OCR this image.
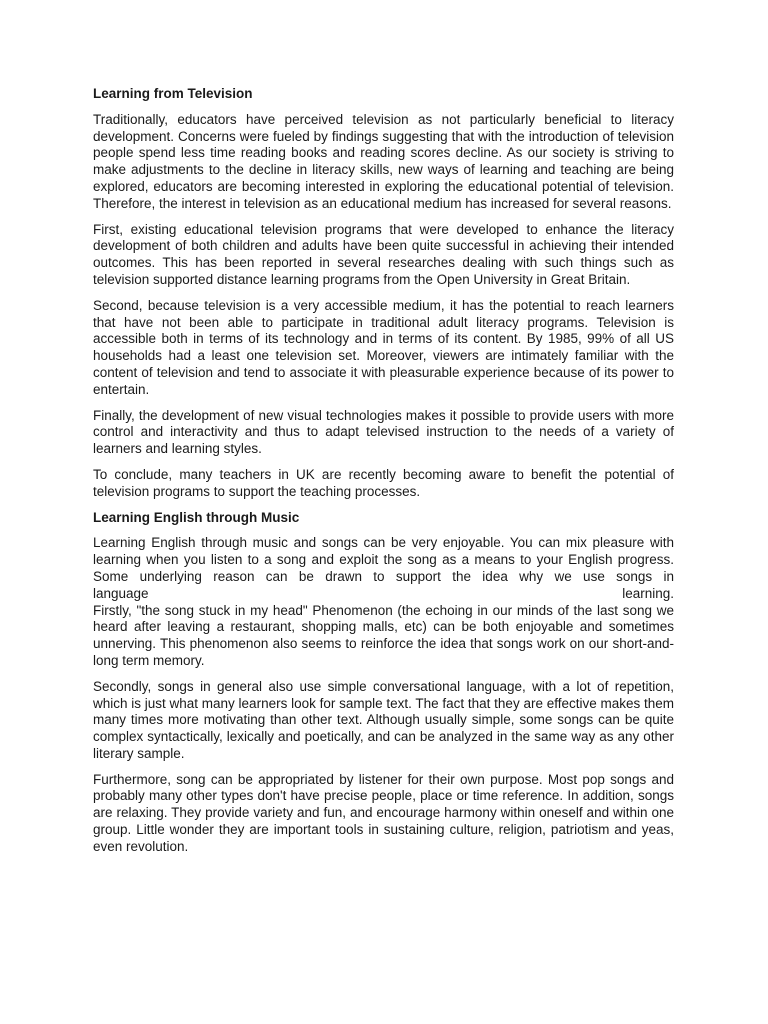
Learning from Television

Traditionally, educators have perceived television as not particularly beneficial to literacy development. Concerns were fueled by findings suggesting that with the introduction of television people spend less time reading books and reading scores decline. As our society is striving to make adjustments to the decline in literacy skills, new ways of learning and teaching are being explored, educators are becoming interested in exploring the educational potential of television. Therefore, the interest in television as an educational medium has increased for several reasons.

First, existing educational television programs that were developed to enhance the literacy development of both children and adults have been quite successful in achieving their intended outcomes. This has been reported in several researches dealing with such things such as television supported distance learning programs from the Open University in Great Britain.

Second, because television is a very accessible medium, it has the potential to reach learners that have not been able to participate in traditional adult literacy programs. Television is accessible both in terms of its technology and in terms of its content. By 1985, 99% of all US households had a least one television set. Moreover, viewers are intimately familiar with the content of television and tend to associate it with pleasurable experience because of its power to entertain.

Finally, the development of new visual technologies makes it possible to provide users with more control and interactivity and thus to adapt televised instruction to the needs of a variety of learners and learning styles.

To conclude, many teachers in UK are recently becoming aware to benefit the potential of television programs to support the teaching processes.

Learning English through Music
Learning English through music and songs can be very enjoyable. You can mix pleasure with learning when you listen to a song and exploit the song as a means to your English progress. Some underlying reason can be drawn to support the idea why we use songs in
language learning.
Firstly, "the song stuck in my head" Phenomenon (the echoing in our minds of the last song we heard after leaving a restaurant, shopping malls, etc) can be both enjoyable and sometimes unnerving. This phenomenon also seems to reinforce the idea that songs work on our short-and-long term memory.

Secondly, songs in general also use simple conversational language, with a lot of repetition, which is just what many learners look for sample text. The fact that they are effective makes them many times more motivating than other text. Although usually simple, some songs can be quite complex syntactically, lexically and poetically, and can be analyzed in the same way as any other literary sample.

Furthermore, song can be appropriated by listener for their own purpose. Most pop songs and probably many other types don't have precise people, place or time reference. In addition, songs are relaxing. They provide variety and fun, and encourage harmony within oneself and within one group. Little wonder they are important tools in sustaining culture, religion, patriotism and yeas, even revolution.
